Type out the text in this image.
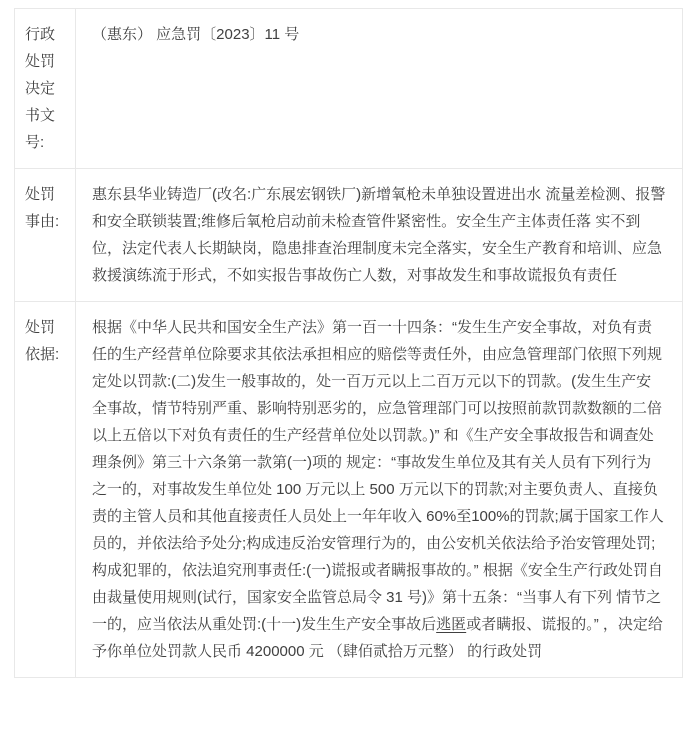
行政处罚决定书文号:	（惠东） 应急罚〔2023〕11 号
处罚事由:	惠东县华业铸造厂(改名:广东展宏钢铁厂)新增氧枪未单独设置进出水 流量差检测、报警和安全联锁装置;维修后氧枪启动前未检查管件紧密性。安全生产主体责任落 实不到位，法定代表人长期缺岗，隐患排查治理制度未完全落实，安全生产教育和培训、应急 救援演练流于形式，不如实报告事故伤亡人数，对事故发生和事故谎报负有责任
处罚依据:	根据《中华人民共和国安全生产法》第一百一十四条：“发生生产安全事故，对负有责任的生产经营单位除要求其依法承担相应的赔偿等责任外，由应急管理部门依照下列规定处以罚款:(二)发生一般事故的，处一百万元以上二百万元以下的罚款。(发生生产安全事故，情节特别严重、影响特别恶劣的，应急管理部门可以按照前款罚款数额的二倍以上五倍以下对负有责任的生产经营单位处以罚款。)” 和《生产安全事故报告和调查处理条例》第三十六条第一款第(一)项的 规定：“事故发生单位及其有关人员有下列行为之一的，对事故发生单位处 100 万元以上 500 万元以下的罚款;对主要负责人、直接负责的主管人员和其他直接责任人员处上一年年收入 60%至100%的罚款;属于国家工作人员的，并依法给予处分;构成违反治安管理行为的，由公安机关依法给予治安管理处罚;构成犯罪的，依法追究刑事责任:(一)谎报或者瞒报事故的。” 根据《安全生产行政处罚自由裁量使用规则(试行，国家安全监管总局令 31 号)》第十五条：“当事人有下列 情节之一的，应当依法从重处罚:(十一)发生生产安全事故后逃匿或者瞒报、谎报的。” ，决定给予你单位处罚款人民币 4200000 元 （肆佰贰拾万元整） 的行政处罚
